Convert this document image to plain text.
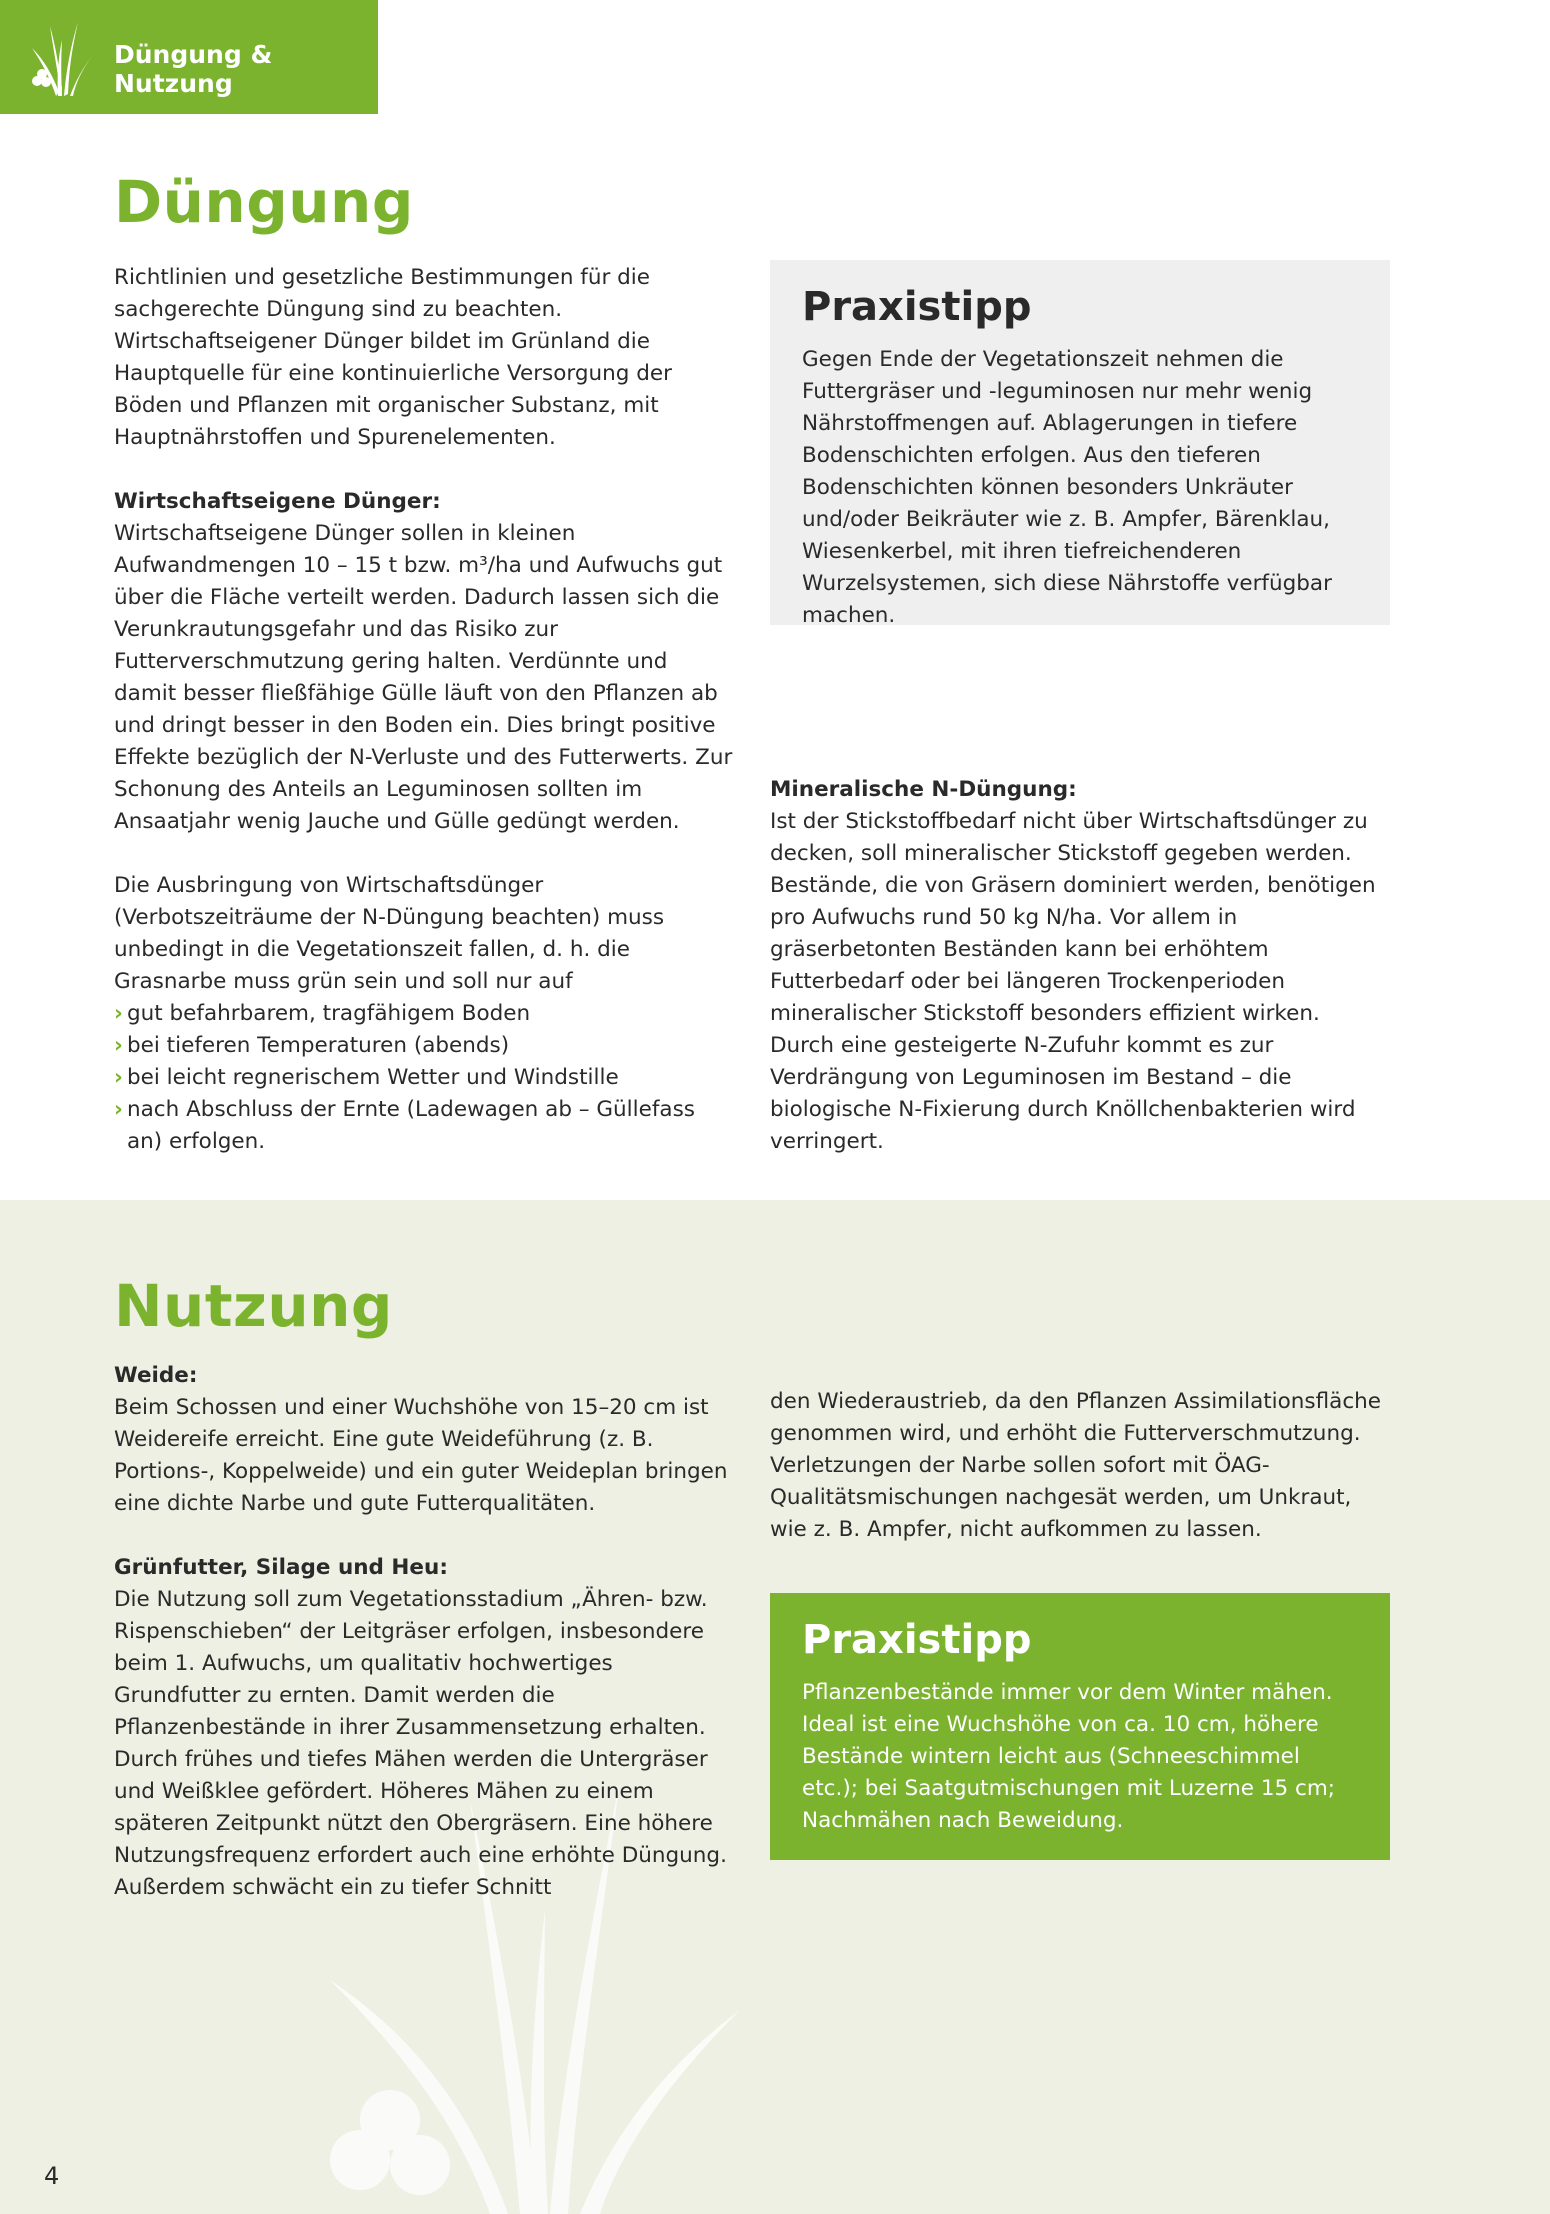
Düngung & Nutzung
Düngung

Richtlinien und gesetzliche Bestimmungen für die sachgerechte Düngung sind zu beachten. Wirtschaftseigener Dünger bildet im Grünland die Hauptquelle für eine kontinuierliche Versorgung der Böden und Pflanzen mit organischer Substanz, mit Hauptnährstoffen und Spurenelementen.

Wirtschaftseigene Dünger:
Wirtschaftseigene Dünger sollen in kleinen Aufwandmengen 10 – 15 t bzw. m³/ha und Aufwuchs gut über die Fläche verteilt werden. Dadurch lassen sich die Verunkrautungsgefahr und das Risiko zur Futterverschmutzung gering halten. Verdünnte und damit besser fließfähige Gülle läuft von den Pflanzen ab und dringt besser in den Boden ein. Dies bringt positive Effekte bezüglich der N-Verluste und des Futterwerts. Zur Schonung des Anteils an Leguminosen sollten im Ansaatjahr wenig Jauche und Gülle gedüngt werden.

Die Ausbringung von Wirtschaftsdünger (Verbotszeiträume der N-Düngung beachten) muss unbedingt in die Vegetationszeit fallen, d. h. die Grasnarbe muss grün sein und soll nur auf

› gut befahrbarem, tragfähigem Boden
› bei tieferen Temperaturen (abends)
› bei leicht regnerischem Wetter und Windstille
› nach Abschluss der Ernte (Ladewagen ab – Güllefass an) erfolgen.
Praxistipp

Gegen Ende der Vegetationszeit nehmen die Futtergräser und -leguminosen nur mehr wenig Nährstoffmengen auf. Ablagerungen in tiefere Bodenschichten erfolgen. Aus den tieferen Bodenschichten können besonders Unkräuter und/oder Beikräuter wie z. B. Ampfer, Bärenklau, Wiesenkerbel, mit ihren tiefreichenderen Wurzelsystemen, sich diese Nährstoffe verfügbar machen.

Mineralische N-Düngung:
Ist der Stickstoffbedarf nicht über Wirtschaftsdünger zu decken, soll mineralischer Stickstoff gegeben werden. Bestände, die von Gräsern dominiert werden, benötigen pro Aufwuchs rund 50 kg N/ha. Vor allem in gräserbetonten Beständen kann bei erhöhtem Futterbedarf oder bei längeren Trockenperioden mineralischer Stickstoff besonders effizient wirken. Durch eine gesteigerte N-Zufuhr kommt es zur Verdrängung von Leguminosen im Bestand – die biologische N-Fixierung durch Knöllchenbakterien wird verringert.
Nutzung

Weide:
Beim Schossen und einer Wuchshöhe von 15–20 cm ist Weidereife erreicht. Eine gute Weideführung (z. B. Portions-, Koppelweide) und ein guter Weideplan bringen eine dichte Narbe und gute Futterqualitäten.

Grünfutter, Silage und Heu:
Die Nutzung soll zum Vegetationsstadium „Ähren- bzw. Rispenschieben“ der Leitgräser erfolgen, insbesondere beim 1. Aufwuchs, um qualitativ hochwertiges Grundfutter zu ernten. Damit werden die Pflanzenbestände in ihrer Zusammensetzung erhalten. Durch frühes und tiefes Mähen werden die Untergräser und Weißklee gefördert. Höheres Mähen zu einem späteren Zeitpunkt nützt den Obergräsern. Eine höhere Nutzungsfrequenz erfordert auch eine erhöhte Düngung. Außerdem schwächt ein zu tiefer Schnitt

den Wiederaustrieb, da den Pflanzen Assimilationsfläche genommen wird, und erhöht die Futterverschmutzung. Verletzungen der Narbe sollen sofort mit ÖAG-Qualitätsmischungen nachgesät werden, um Unkraut, wie z. B. Ampfer, nicht aufkommen zu lassen.
Praxistipp

Pflanzenbestände immer vor dem Winter mähen. Ideal ist eine Wuchshöhe von ca. 10 cm, höhere Bestände wintern leicht aus (Schneeschimmel etc.); bei Saatgutmischungen mit Luzerne 15 cm; Nachmähen nach Beweidung.

4
